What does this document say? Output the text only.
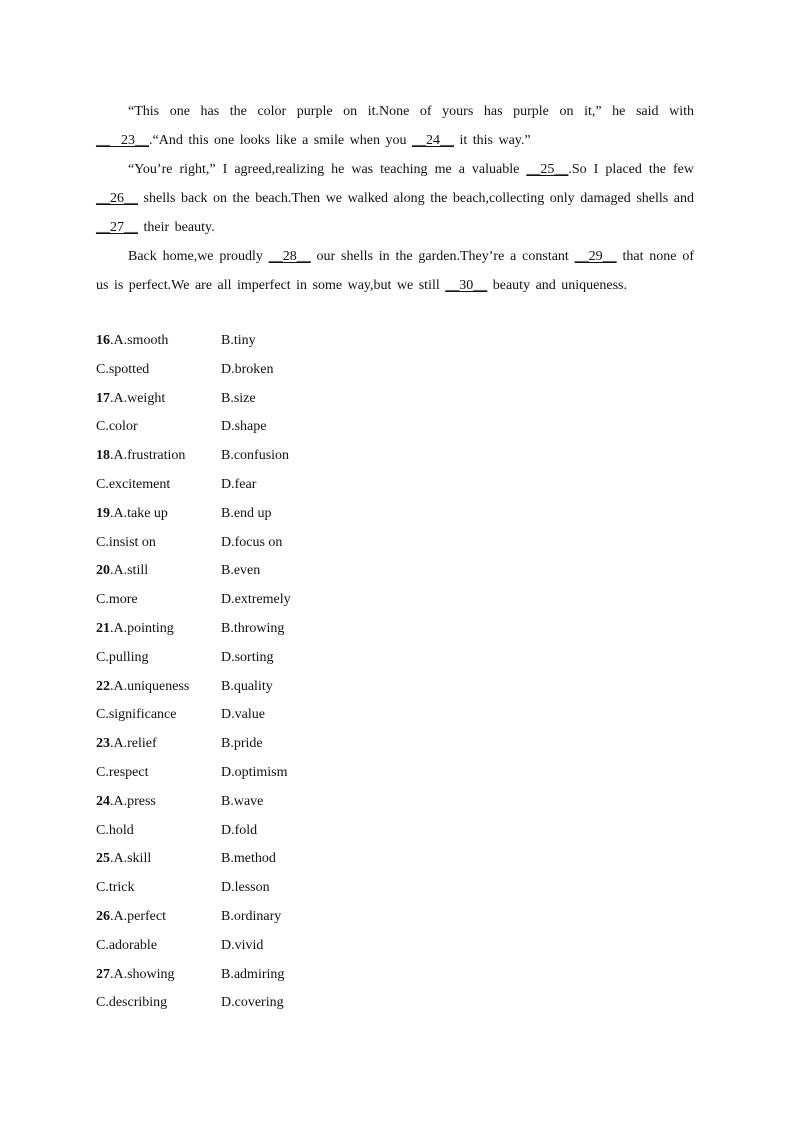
“This one has the color purple on it.None of yours has purple on it,” he said with __  23__.“And this one looks like a smile when you __24__ it this way.”

“You’re right,” I agreed,realizing he was teaching me a valuable __25__.So I placed the few __26__ shells back on the beach.Then we walked along the beach,collecting only damaged shells and __27__ their beauty.

Back home,we proudly __28__ our shells in the garden.They’re a constant __29__ that none of us is perfect.We are all imperfect in some way,but we still __30__ beauty and uniqueness.

16.A.smooth	B.tiny
C.spotted	D.broken
17.A.weight	B.size
C.color	D.shape
18.A.frustration	B.confusion
C.excitement	D.fear
19.A.take up	B.end up
C.insist on	D.focus on
20.A.still	B.even
C.more	D.extremely
21.A.pointing	B.throwing
C.pulling	D.sorting
22.A.uniqueness	B.quality
C.significance	D.value
23.A.relief	B.pride
C.respect	D.optimism
24.A.press	B.wave
C.hold	D.fold
25.A.skill	B.method
C.trick	D.lesson
26.A.perfect	B.ordinary
C.adorable	D.vivid
27.A.showing	B.admiring
C.describing	D.covering
